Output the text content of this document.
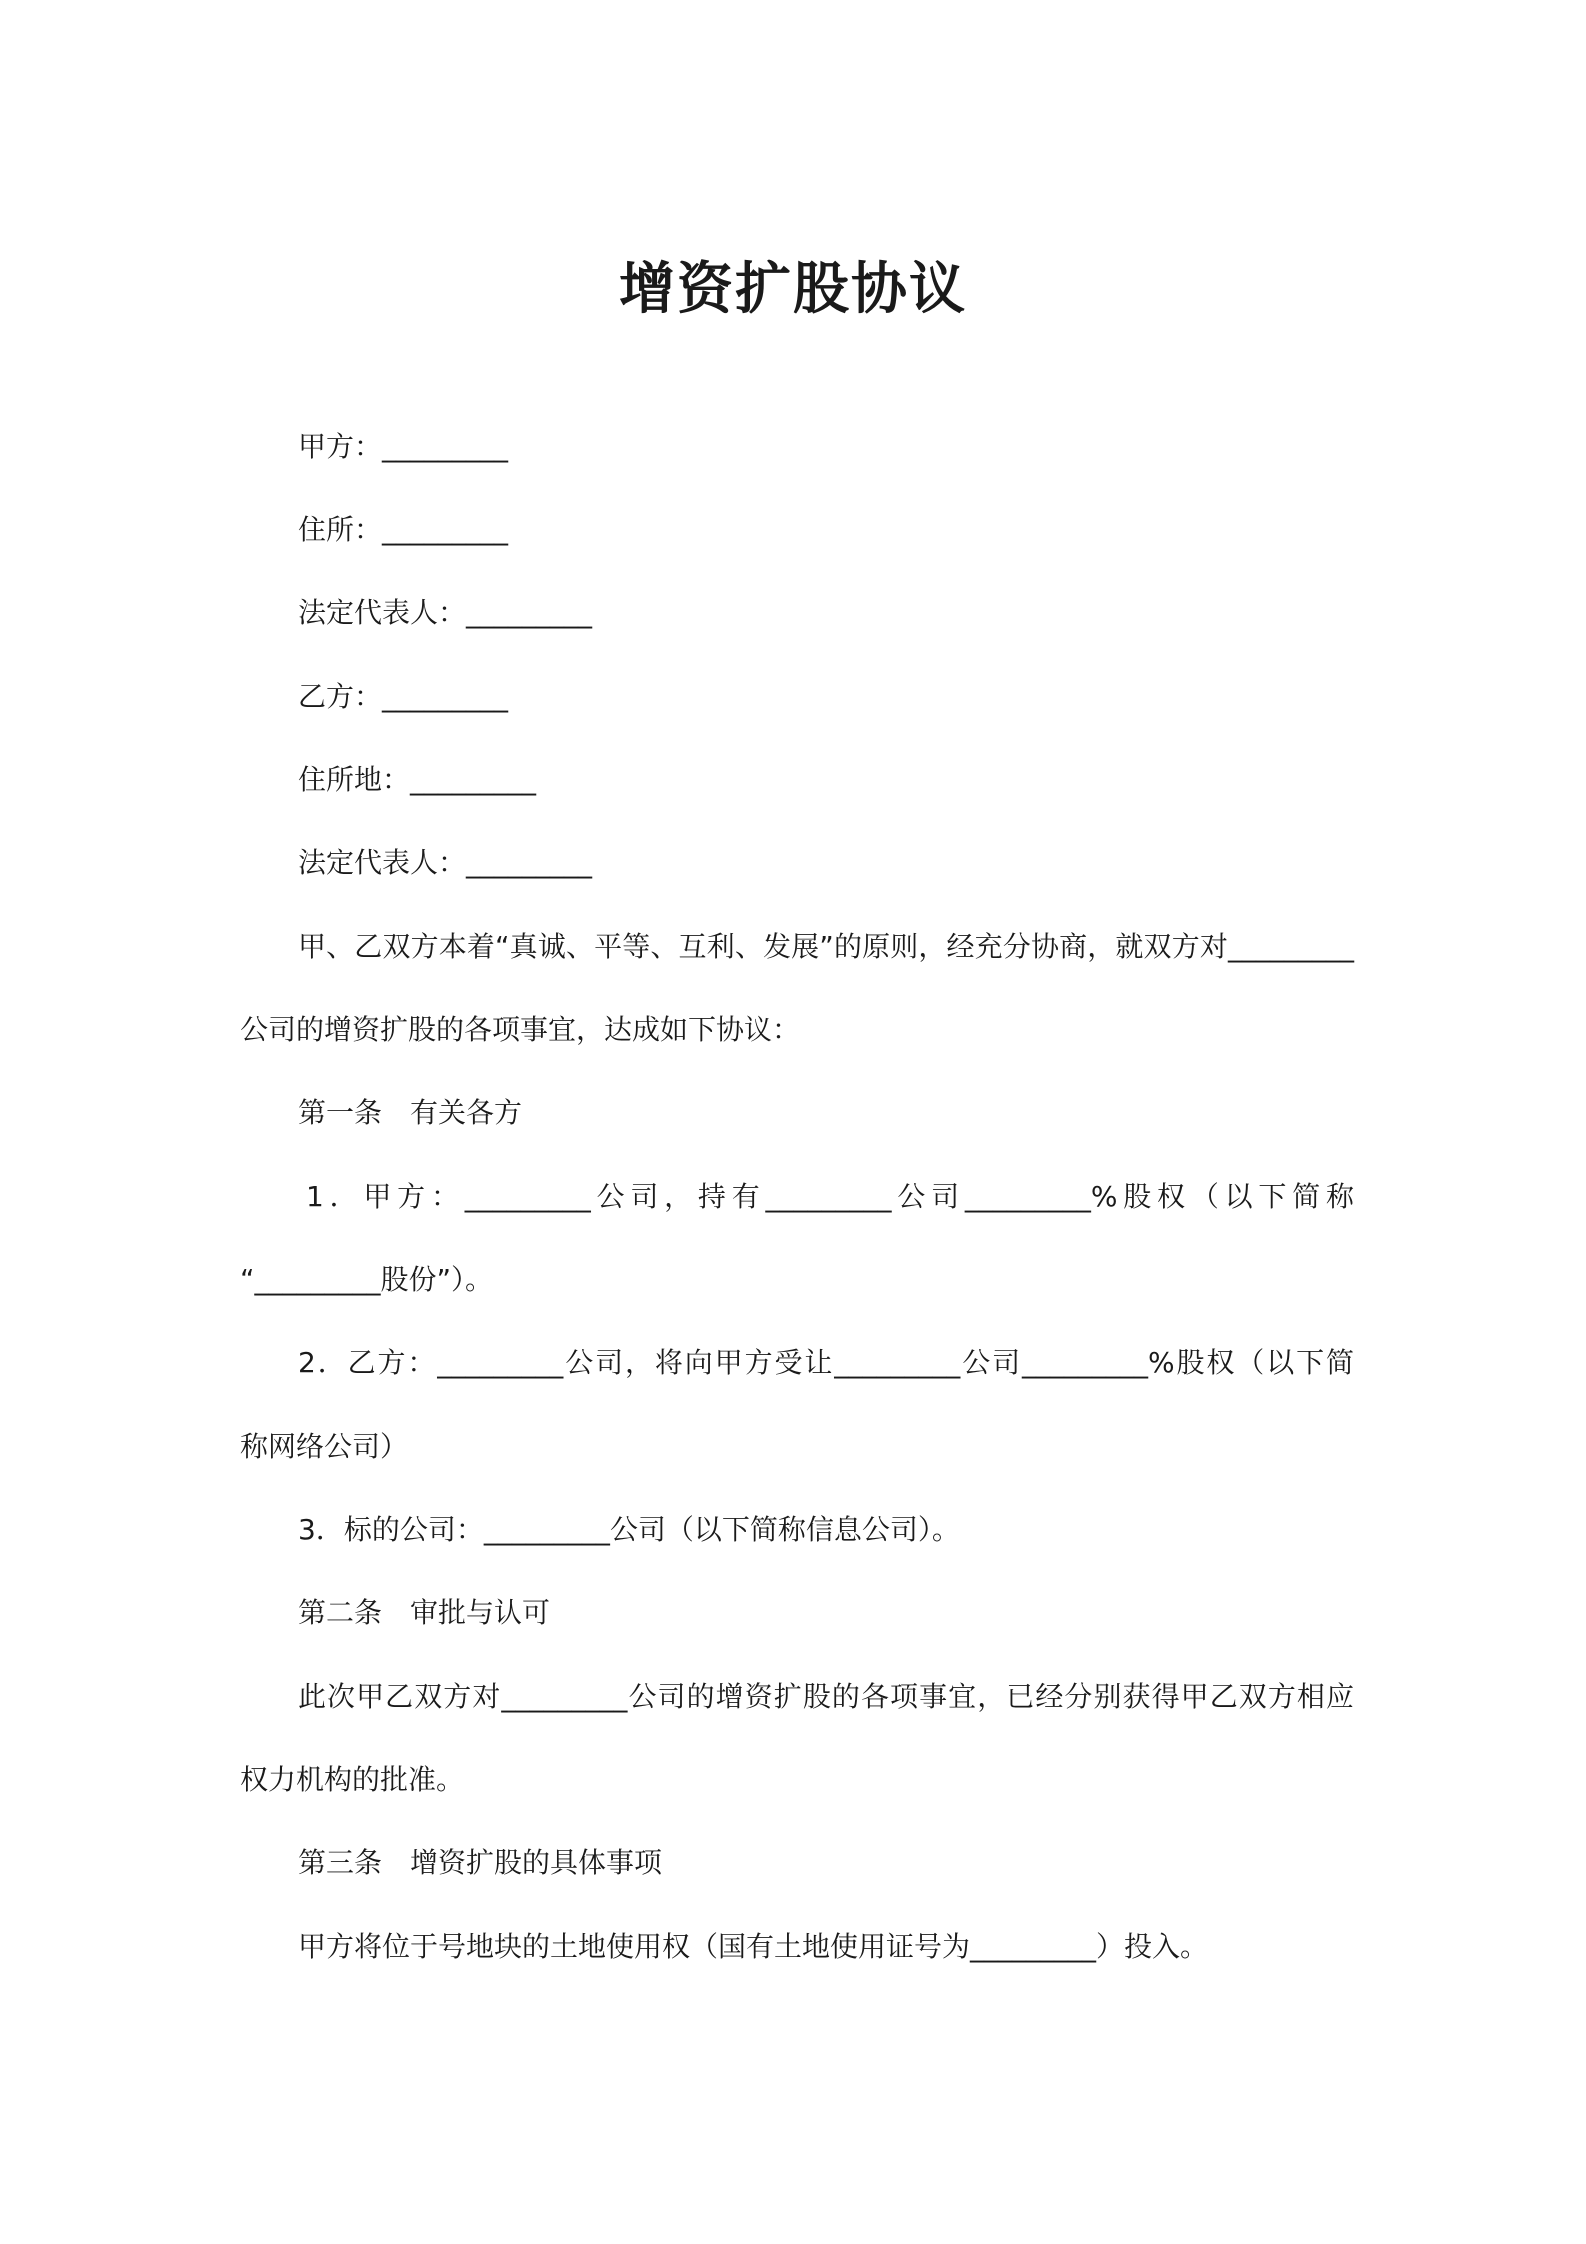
增资扩股协议
甲方：_________
住所：_________
法定代表人：_________
乙方：_________
住所地：_________
法定代表人：_________
甲、乙双方本着“真诚、平等、互利、发展”的原则，经充分协商，就双方对_________
公司的增资扩股的各项事宜，达成如下协议：
第一条　有关各方
1．甲方：_________公司，持有_________公司_________%股权（以下简称
“_________股份”）。
2．乙方：_________公司，将向甲方受让_________公司_________%股权（以下简
称网络公司）
3．标的公司：_________公司（以下简称信息公司）。
第二条　审批与认可
此次甲乙双方对_________公司的增资扩股的各项事宜，已经分别获得甲乙双方相应
权力机构的批准。
第三条　增资扩股的具体事项
甲方将位于号地块的土地使用权（国有土地使用证号为_________）投入。
